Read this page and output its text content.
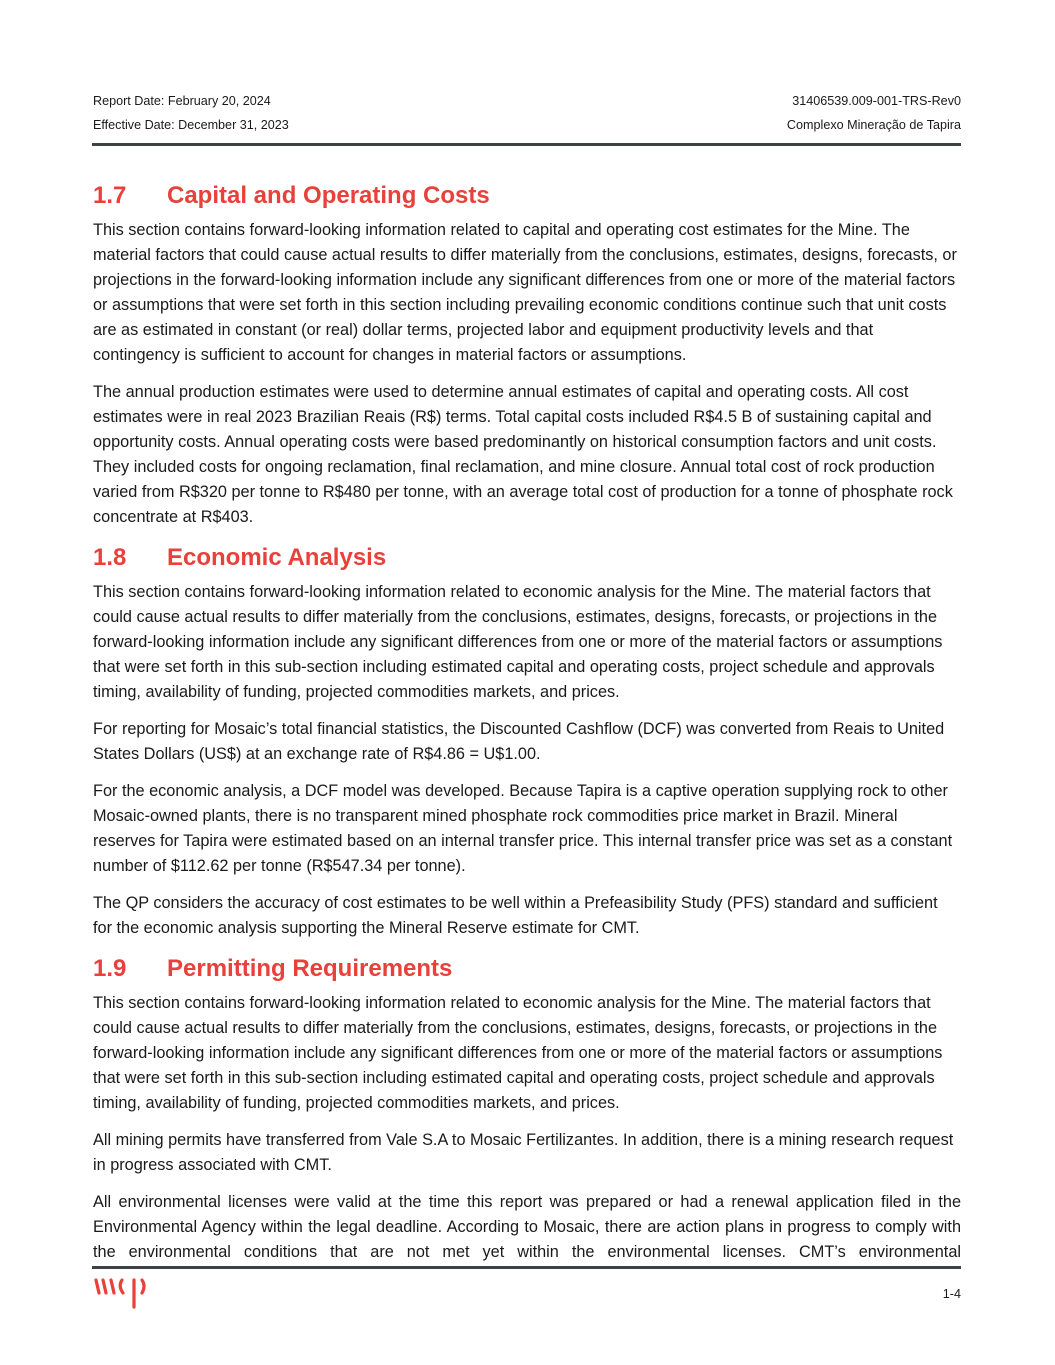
Report Date: February 20, 2024	31406539.009-001-TRS-Rev0
Effective Date: December 31, 2023	Complexo Mineração de Tapira
1.7	Capital and Operating Costs

This section contains forward-looking information related to capital and operating cost estimates for the Mine. The material factors that could cause actual results to differ materially from the conclusions, estimates, designs, forecasts, or projections in the forward-looking information include any significant differences from one or more of the material factors or assumptions that were set forth in this section including prevailing economic conditions continue such that unit costs are as estimated in constant (or real) dollar terms, projected labor and equipment productivity levels and that contingency is sufficient to account for changes in material factors or assumptions.

The annual production estimates were used to determine annual estimates of capital and operating costs. All cost estimates were in real 2023 Brazilian Reais (R$) terms. Total capital costs included R$4.5 B of sustaining capital and opportunity costs. Annual operating costs were based predominantly on historical consumption factors and unit costs. They included costs for ongoing reclamation, final reclamation, and mine closure. Annual total cost of rock production varied from R$320 per tonne to R$480 per tonne, with an average total cost of production for a tonne of phosphate rock concentrate at R$403.

1.8	Economic Analysis

This section contains forward-looking information related to economic analysis for the Mine. The material factors that could cause actual results to differ materially from the conclusions, estimates, designs, forecasts, or projections in the forward-looking information include any significant differences from one or more of the material factors or assumptions that were set forth in this sub-section including estimated capital and operating costs, project schedule and approvals timing, availability of funding, projected commodities markets, and prices.

For reporting for Mosaic’s total financial statistics, the Discounted Cashflow (DCF) was converted from Reais to United States Dollars (US$) at an exchange rate of R$4.86 = U$1.00.

For the economic analysis, a DCF model was developed. Because Tapira is a captive operation supplying rock to other Mosaic-owned plants, there is no transparent mined phosphate rock commodities price market in Brazil. Mineral reserves for Tapira were estimated based on an internal transfer price. This internal transfer price was set as a constant number of $112.62 per tonne (R$547.34 per tonne).

The QP considers the accuracy of cost estimates to be well within a Prefeasibility Study (PFS) standard and sufficient for the economic analysis supporting the Mineral Reserve estimate for CMT.

1.9	Permitting Requirements

This section contains forward-looking information related to economic analysis for the Mine. The material factors that could cause actual results to differ materially from the conclusions, estimates, designs, forecasts, or projections in the forward-looking information include any significant differences from one or more of the material factors or assumptions that were set forth in this sub-section including estimated capital and operating costs, project schedule and approvals timing, availability of funding, projected commodities markets, and prices.

All mining permits have transferred from Vale S.A to Mosaic Fertilizantes. In addition, there is a mining research request in progress associated with CMT.

All environmental licenses were valid at the time this report was prepared or had a renewal application filed in the Environmental Agency within the legal deadline. According to Mosaic, there are action plans in progress to comply with the environmental conditions that are not met yet within the environmental licenses. CMT’s environmental

1-4
